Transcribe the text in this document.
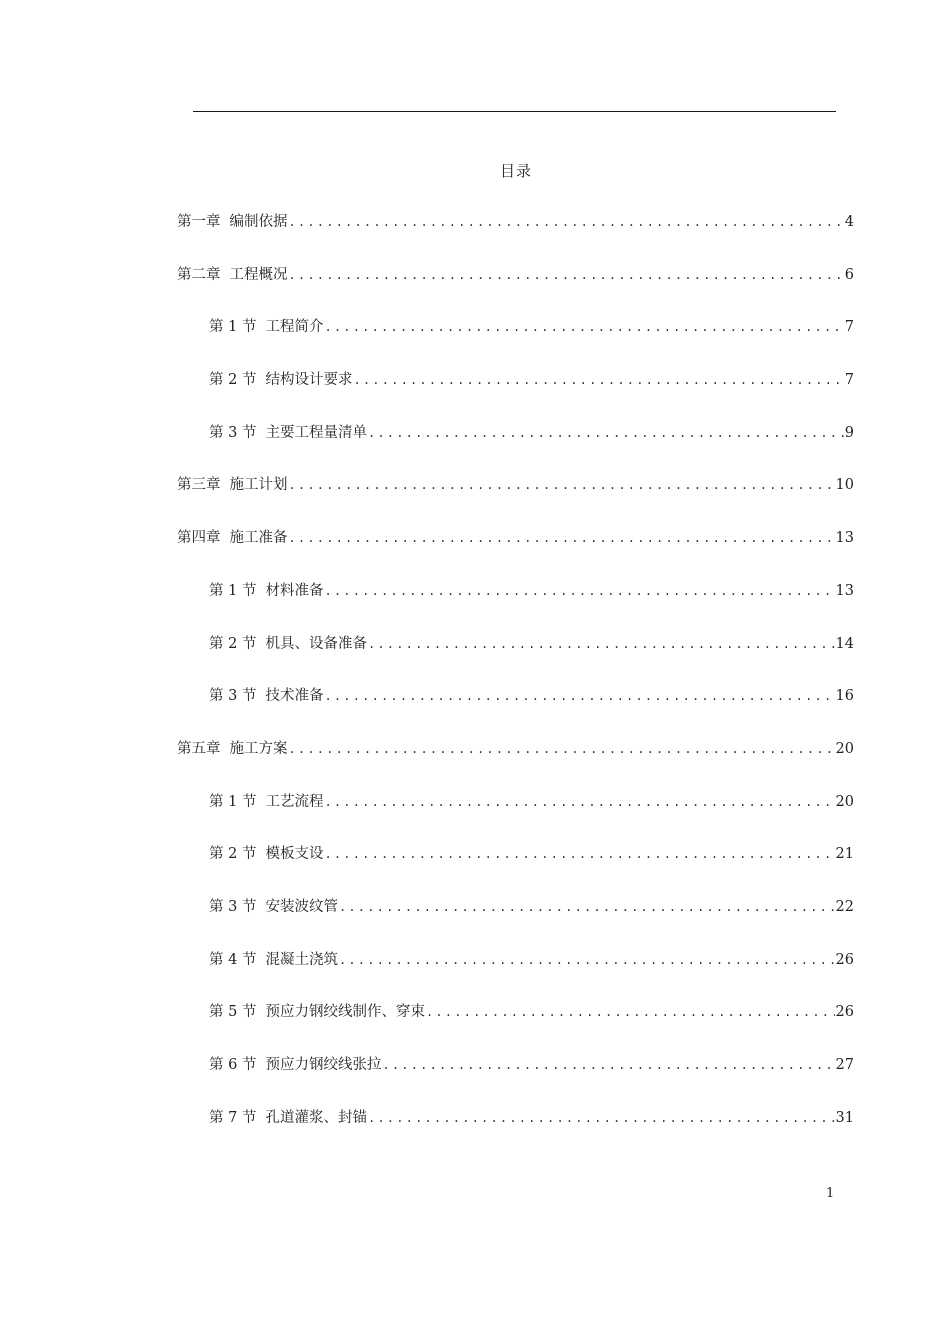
目录
第一章 编制依据 .....	4
第二章 工程概况 .....	6
第 1 节 工程简介 .....	7
第 2 节 结构设计要求 .....	7
第 3 节 主要工程量清单 .....	9
第三章 施工计划 .....	10
第四章 施工准备 .....	13
第 1 节 材料准备 .....	13
第 2 节 机具、设备准备 .....	14
第 3 节 技术准备 .....	16
第五章 施工方案 .....	20
第 1 节 工艺流程 .....	20
第 2 节 模板支设 .....	21
第 3 节 安装波纹管 .....	22
第 4 节 混凝土浇筑 .....	26
第 5 节 预应力钢绞线制作、穿束 .....	26
第 6 节 预应力钢绞线张拉 .....	27
第 7 节 孔道灌浆、封锚 .....	31
1
